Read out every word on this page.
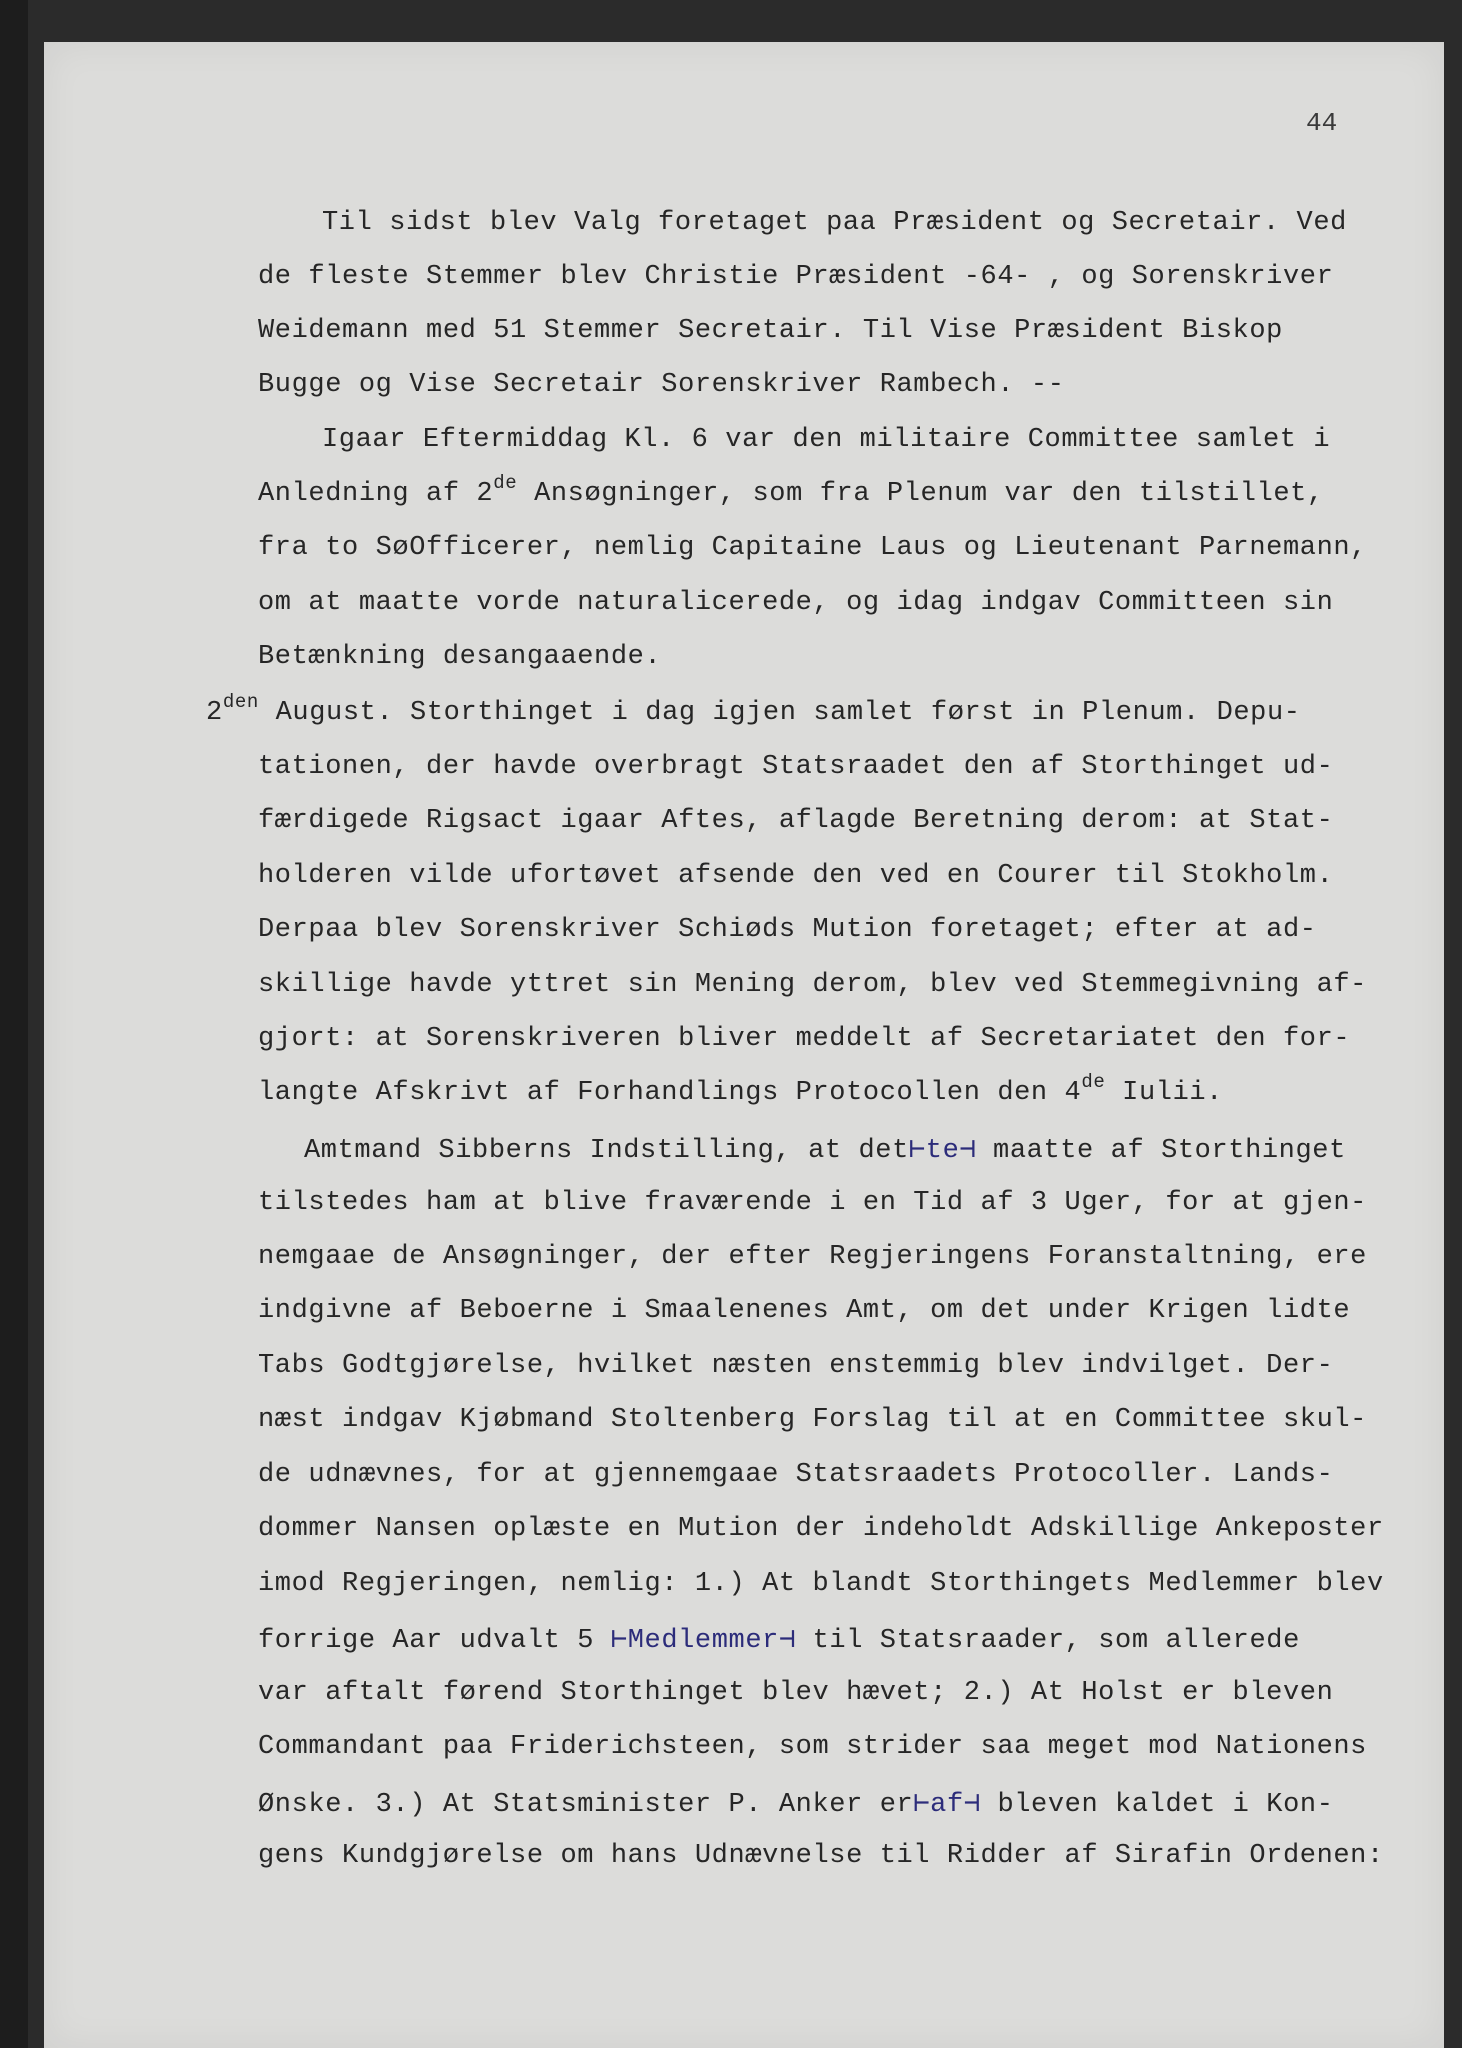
44
Til sidst blev Valg foretaget paa Præsident og Secretair. Ved
de fleste Stemmer blev Christie Præsident -64- , og Sorenskriver
Weidemann med 51 Stemmer Secretair. Til Vise Præsident Biskop
Bugge og Vise Secretair Sorenskriver Rambech. --
Igaar Eftermiddag Kl. 6 var den militaire Committee samlet i
Anledning af 2de Ansøgninger, som fra Plenum var den tilstillet,
fra to SøOfficerer, nemlig Capitaine Laus og Lieutenant Parnemann,
om at maatte vorde naturalicerede, og idag indgav Committeen sin
Betænkning desangaaende.
$2^{den}$ August. Storthinget i dag igjen samlet først in Plenum. Depu-
tationen, der havde overbragt Statsraadet den af Storthinget ud-
færdigede Rigsact igaar Aftes, aflagde Beretning derom: at Stat-
holderen vilde ufortøvet afsende den ved en Courer til Stokholm.
Derpaa blev Sorenskriver Schiøds Mution foretaget; efter at ad-
skillige havde yttret sin Mening derom, blev ved Stemmegivning af-
gjort: at Sorenskriveren bliver meddelt af Secretariatet den for-
langte Afskrivt af Forhandlings Protocollen den 4de Iulii.
Amtmand Sibberns Indstilling, at det⊢te⊣ maatte af Storthinget
tilstedes ham at blive fraværende i en Tid af 3 Uger, for at gjen-
nemgaae de Ansøgninger, der efter Regjeringens Foranstaltning, ere
indgivne af Beboerne i Smaalenenes Amt, om det under Krigen lidte
Tabs Godtgjørelse, hvilket næsten enstemmig blev indvilget. Der-
næst indgav Kjøbmand Stoltenberg Forslag til at en Committee skul-
de udnævnes, for at gjennemgaae Statsraadets Protocoller. Lands-
dommer Nansen oplæste en Mution der indeholdt Adskillige Ankeposter
imod Regjeringen, nemlig: 1.) At blandt Storthingets Medlemmer blev
forrige Aar udvalt 5 ⊢Medlemmer⊣ til Statsraader, som allerede
var aftalt førend Storthinget blev hævet; 2.) At Holst er bleven
Commandant paa Friderichsteen, som strider saa meget mod Nationens
Ønske. 3.) At Statsminister P. Anker er⊢af⊣ bleven kaldet i Kon-
gens Kundgjørelse om hans Udnævnelse til Ridder af Sirafin Ordenen:
